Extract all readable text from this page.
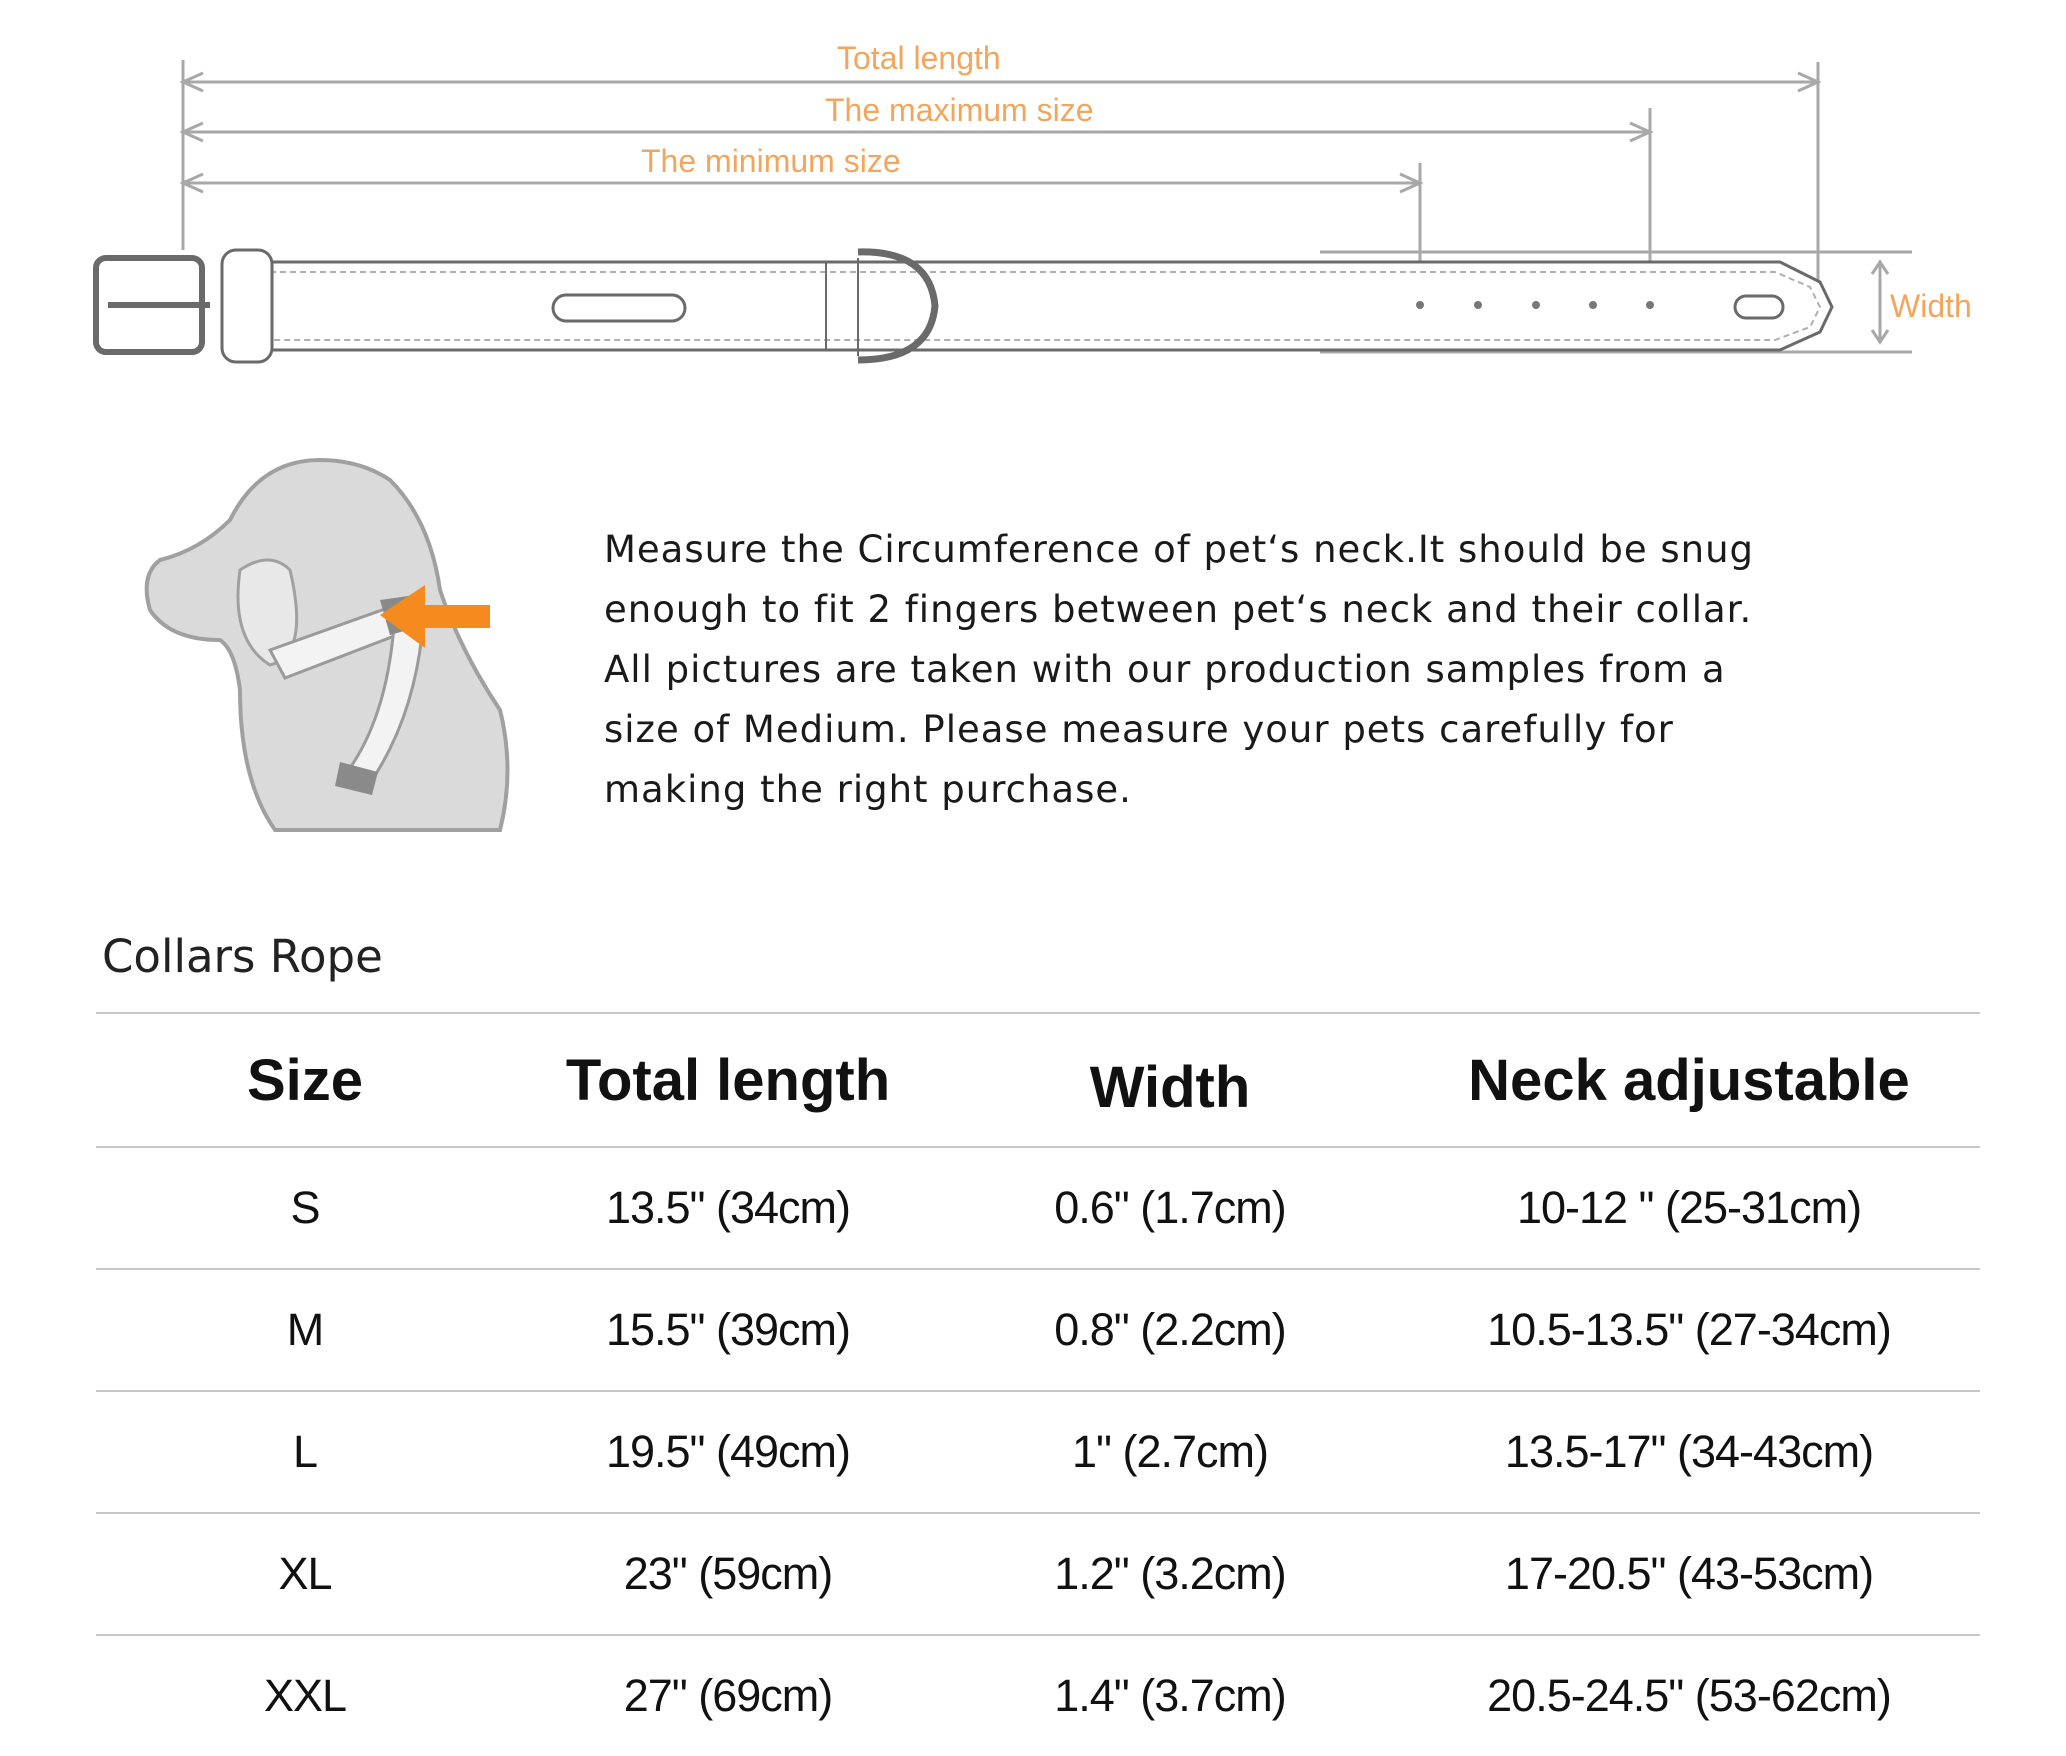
Total length
The maximum size
The minimum size
Width

Measure the Circumference of pet‘s neck.It should be snug

enough to fit 2 fingers between pet‘s neck and their collar.

All pictures are taken with our production samples from a

size of Medium. Please measure your pets carefully for

making the right purchase.

Collars Rope
Size	Total length	Width	Neck adjustable
S	13.5" (34cm)	0.6" (1.7cm)	10-12 " (25-31cm)
M	15.5" (39cm)	0.8" (2.2cm)	10.5-13.5" (27-34cm)
L	19.5" (49cm)	1" (2.7cm)	13.5-17" (34-43cm)
XL	23" (59cm)	1.2" (3.2cm)	17-20.5" (43-53cm)
XXL	27" (69cm)	1.4" (3.7cm)	20.5-24.5" (53-62cm)
